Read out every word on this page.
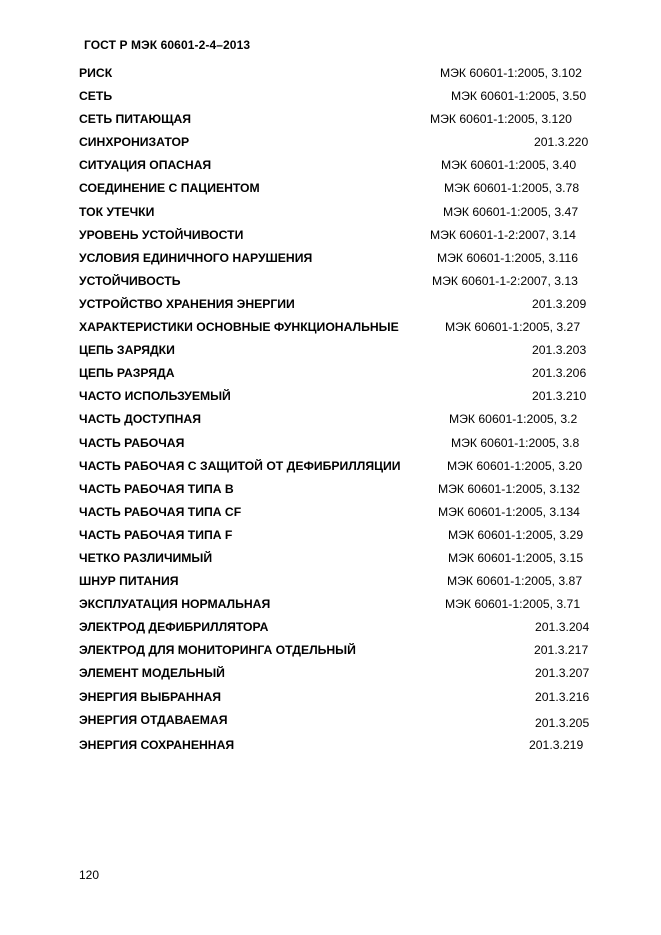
ГОСТ Р МЭК 60601-2-4–2013
РИСК	МЭК 60601-1:2005, 3.102
СЕТЬ	МЭК 60601-1:2005, 3.50
СЕТЬ ПИТАЮЩАЯ	МЭК 60601-1:2005, 3.120
СИНХРОНИЗАТОР	201.3.220
СИТУАЦИЯ ОПАСНАЯ	МЭК 60601-1:2005, 3.40
СОЕДИНЕНИЕ С ПАЦИЕНТОМ	МЭК 60601-1:2005, 3.78
ТОК УТЕЧКИ	МЭК 60601-1:2005, 3.47
УРОВЕНЬ УСТОЙЧИВОСТИ	МЭК 60601-1-2:2007, 3.14
УСЛОВИЯ ЕДИНИЧНОГО НАРУШЕНИЯ	МЭК 60601-1:2005, 3.116
УСТОЙЧИВОСТЬ	МЭК 60601-1-2:2007, 3.13
УСТРОЙСТВО ХРАНЕНИЯ ЭНЕРГИИ	201.3.209
ХАРАКТЕРИСТИКИ ОСНОВНЫЕ ФУНКЦИОНАЛЬНЫЕ	МЭК 60601-1:2005, 3.27
ЦЕПЬ ЗАРЯДКИ	201.3.203
ЦЕПЬ РАЗРЯДА	201.3.206
ЧАСТО ИСПОЛЬЗУЕМЫЙ	201.3.210
ЧАСТЬ ДОСТУПНАЯ	МЭК 60601-1:2005, 3.2
ЧАСТЬ РАБОЧАЯ	МЭК 60601-1:2005, 3.8
ЧАСТЬ РАБОЧАЯ С ЗАЩИТОЙ ОТ ДЕФИБРИЛЛЯЦИИ	МЭК 60601-1:2005, 3.20
ЧАСТЬ РАБОЧАЯ ТИПА В	МЭК 60601-1:2005, 3.132
ЧАСТЬ РАБОЧАЯ ТИПА CF	МЭК 60601-1:2005, 3.134
ЧАСТЬ РАБОЧАЯ ТИПА F	МЭК 60601-1:2005, 3.29
ЧЕТКО РАЗЛИЧИМЫЙ	МЭК 60601-1:2005, 3.15
ШНУР ПИТАНИЯ	МЭК 60601-1:2005, 3.87
ЭКСПЛУАТАЦИЯ НОРМАЛЬНАЯ	МЭК 60601-1:2005, 3.71
ЭЛЕКТРОД ДЕФИБРИЛЛЯТОРА	201.3.204
ЭЛЕКТРОД ДЛЯ МОНИТОРИНГА ОТДЕЛЬНЫЙ	201.3.217
ЭЛЕМЕНТ МОДЕЛЬНЫЙ	201.3.207
ЭНЕРГИЯ ВЫБРАННАЯ	201.3.216
ЭНЕРГИЯ ОТДАВАЕМАЯ	201.3.205
ЭНЕРГИЯ СОХРАНЕННАЯ	201.3.219
120
